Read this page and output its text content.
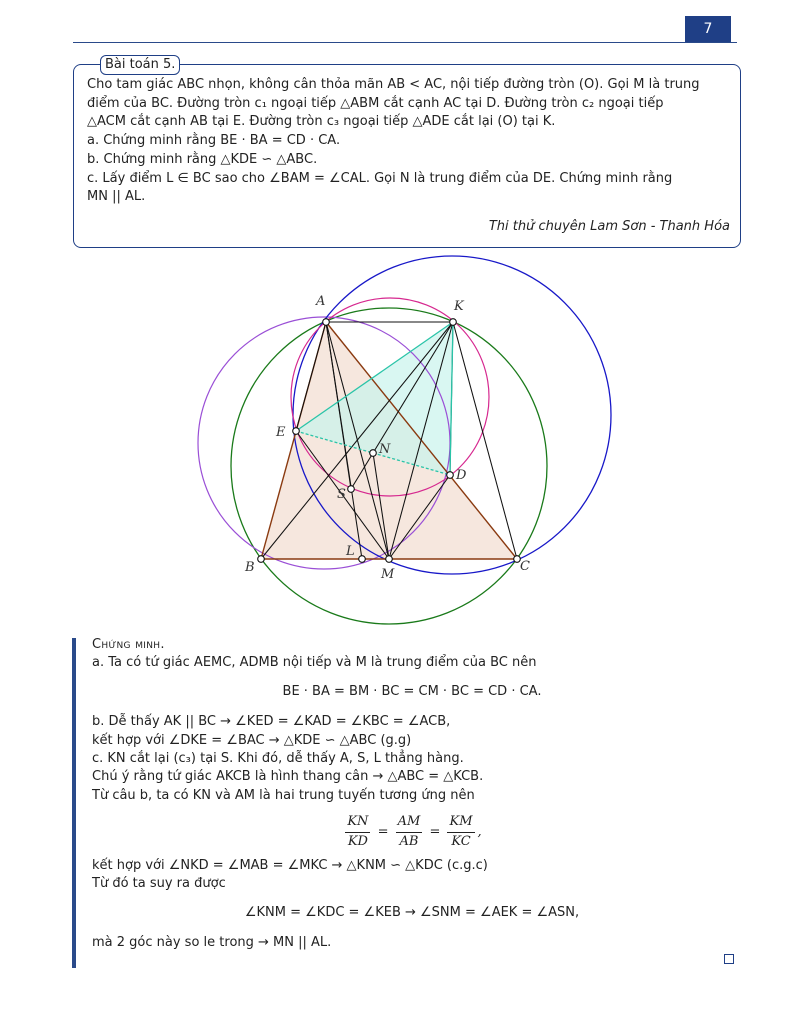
7
Bài toán 5.

Cho tam giác ABC nhọn, không cân thỏa mãn AB < AC, nội tiếp đường tròn (O). Gọi M là trung

điểm của BC. Đường tròn c₁ ngoại tiếp △ABM cắt cạnh AC tại D. Đường tròn c₂ ngoại tiếp

△ACM cắt cạnh AB tại E. Đường tròn c₃ ngoại tiếp △ADE cắt lại (O) tại K.

a. Chứng minh rằng BE · BA = CD · CA.

b. Chứng minh rằng △KDE ∽ △ABC.

c. Lấy điểm L ∈ BC sao cho ∠BAM = ∠CAL. Gọi N là trung điểm của DE. Chứng minh rằng

MN || AL.

Thi thử chuyên Lam Sơn - Thanh Hóa
A	K
E
N
D
S
L
B	M
C

Chứng minh.

a. Ta có tứ giác AEMC, ADMB nội tiếp và M là trung điểm của BC nên

BE · BA = BM · BC = CM · BC = CD · CA.

b. Dễ thấy AK || BC → ∠KED = ∠KAD = ∠KBC = ∠ACB,

kết hợp với ∠DKE = ∠BAC → △KDE ∽ △ABC (g.g)

c. KN cắt lại (c₃) tại S. Khi đó, dễ thấy A, S, L thẳng hàng.

Chú ý rằng tứ giác AKCB là hình thang cân → △ABC = △KCB.

Từ câu b, ta có KN và AM là hai trung tuyến tương ứng nên

$\frac{KN}{KD} = \frac{AM}{AB} = \frac{KM}{KC}$ ,

kết hợp với ∠NKD = ∠MAB = ∠MKC → △KNM ∽ △KDC (c.g.c)

Từ đó ta suy ra được

∠KNM = ∠KDC = ∠KEB → ∠SNM = ∠AEK = ∠ASN,

mà 2 góc này so le trong → MN || AL.
